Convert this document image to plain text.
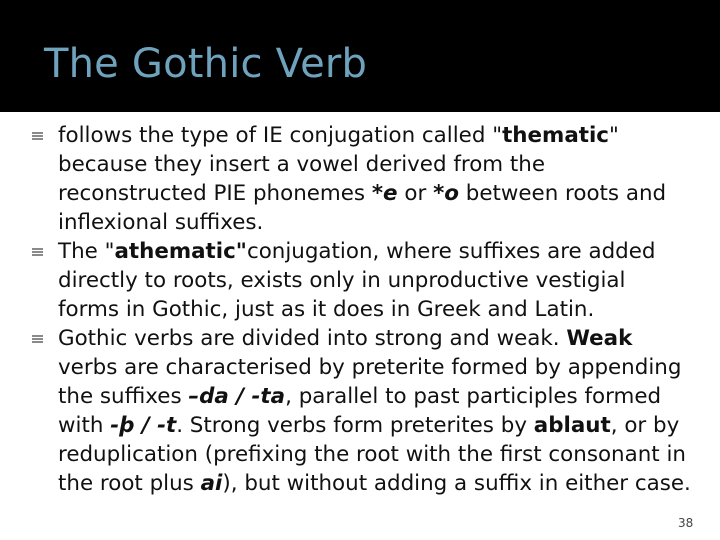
The Gothic Verb
follows the type of IE conjugation called "thematic" because they insert a vowel derived from the reconstructed PIE phonemes *e or *o between roots and inflexional suffixes.
The "athematic"conjugation, where suffixes are added directly to roots, exists only in unproductive vestigial forms in Gothic, just as it does in Greek and Latin.
Gothic verbs are divided into strong and weak. Weak verbs are characterised by preterite formed by appending the suffixes –da / -ta, parallel to past participles formed with -þ / -t. Strong verbs form preterites by ablaut, or by reduplication (prefixing the root with the first consonant in the root plus ai), but without adding a suffix in either case.
38
